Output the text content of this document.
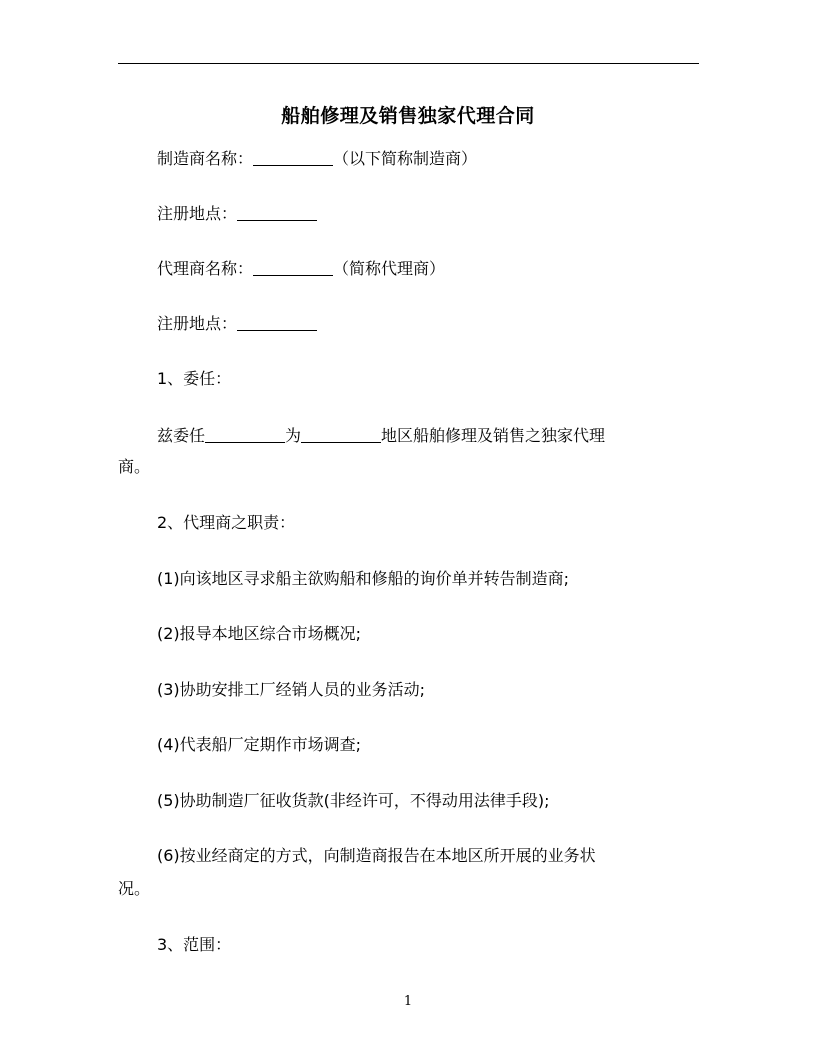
船舶修理及销售独家代理合同
制造商名称：	（以下简称制造商）
注册地点：
代理商名称：	（简称代理商）
注册地点：
1、委任：
兹委任	为	地区船舶修理及销售之独家代理
商。
2、代理商之职责：
(1)向该地区寻求船主欲购船和修船的询价单并转告制造商;
(2)报导本地区综合市场概况;
(3)协助安排工厂经销人员的业务活动;
(4)代表船厂定期作市场调查;
(5)协助制造厂征收货款(非经许可，不得动用法律手段);
(6)按业经商定的方式，向制造商报告在本地区所开展的业务状
况。
3、范围：
1
